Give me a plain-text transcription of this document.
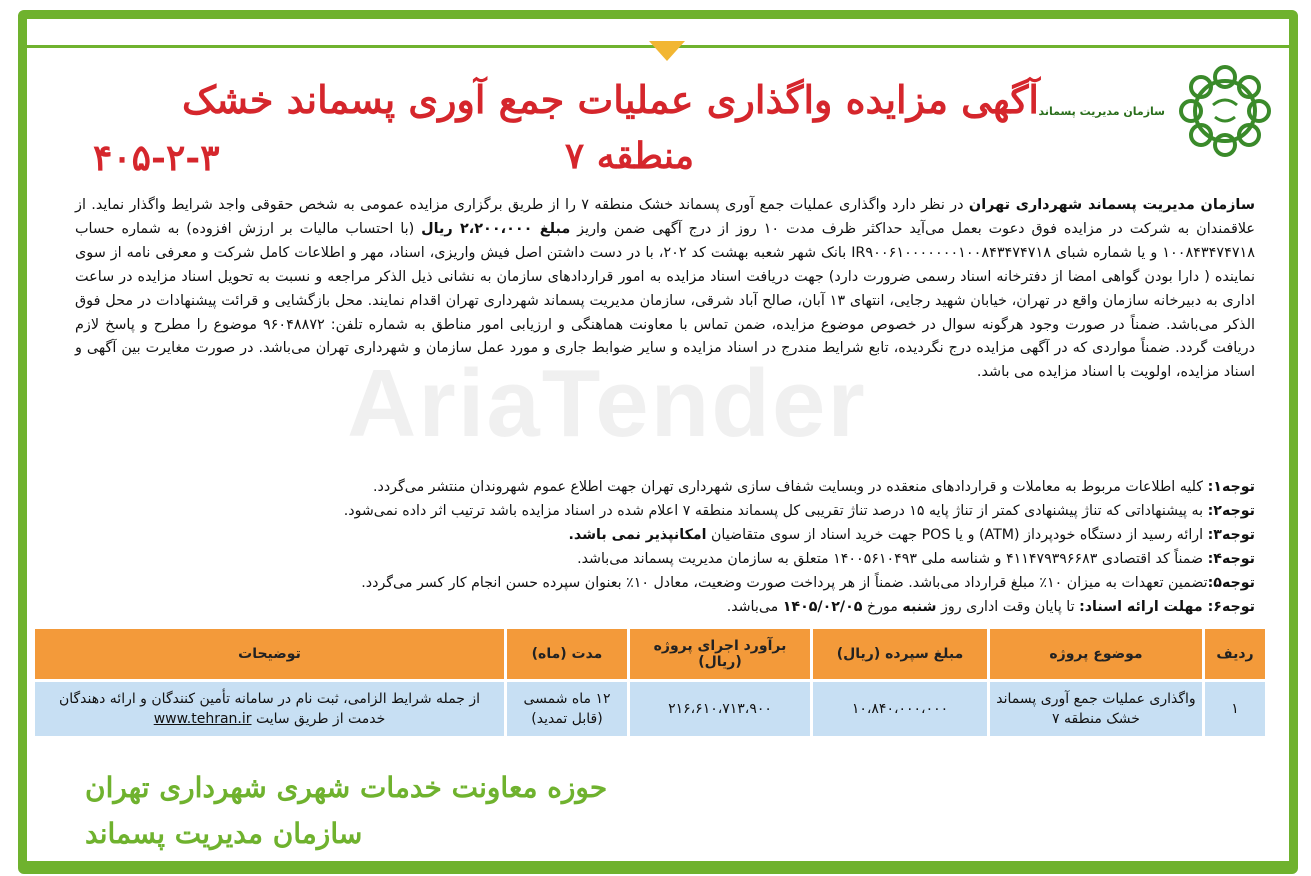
سازمان مدیریت پسماند
آگهی مزایده واگذاری عملیات جمع آوری پسماند خشک
منطقه ۷
۴۰۵-۲-۳
AriaTender

سازمان مدیریت پسماند شهرداری تهران در نظر دارد واگذاری عملیات جمع آوری پسماند خشک منطقه ۷ را از طریق برگزاری مزایده عمومی به شخص حقوقی واجد شرایط واگذار نماید. از علاقمندان به شرکت در مزایده فوق دعوت بعمل می‌آید حداکثر ظرف مدت ۱۰ روز از درج آگهی ضمن واریز مبلغ ۲،۲۰۰،۰۰۰ ریال (با احتساب مالیات بر ارزش افزوده) به شماره حساب ۱۰۰۸۴۳۴۷۴۷۱۸ و یا شماره شبای IR۹۰۰۶۱۰۰۰۰۰۰۰۱۰۰۸۴۳۴۷۴۷۱۸ بانک شهر شعبه بهشت کد ۲۰۲، با در دست داشتن اصل فیش واریزی، اسناد، مهر و اطلاعات کامل شرکت و معرفی نامه از سوی نماینده ( دارا بودن گواهی امضا از دفترخانه اسناد رسمی ضرورت دارد) جهت دریافت اسناد مزایده به امور قراردادهای سازمان به نشانی ذیل الذکر مراجعه و نسبت به تحویل اسناد مزایده در ساعت اداری به دبیرخانه سازمان واقع در تهران، خیابان شهید رجایی، انتهای ۱۳ آبان، صالح آباد شرقی، سازمان مدیریت پسماند شهرداری تهران اقدام نمایند. محل بازگشایی و قرائت پیشنهادات در محل فوق الذکر می‌باشد. ضمناً در صورت وجود هرگونه سوال در خصوص موضوع مزایده، ضمن تماس با معاونت هماهنگی و ارزیابی امور مناطق به شماره تلفن: ۹۶۰۴۸۸۷۲ موضوع را مطرح و پاسخ لازم دریافت گردد. ضمناً مواردی که در آگهی مزایده درج نگردیده، تابع شرایط مندرج در اسناد مزایده و سایر ضوابط جاری و مورد عمل سازمان و شهرداری تهران می‌باشد. در صورت مغایرت بین آگهی و اسناد مزایده، اولویت با اسناد مزایده می باشد.

توجه۱: کلیه اطلاعات مربوط به معاملات و قراردادهای منعقده در وبسایت شفاف سازی شهرداری تهران جهت اطلاع عموم شهروندان منتشر می‌گردد.
توجه۲: به پیشنهاداتی که تناژ پیشنهادی کمتر از تناژ پایه ۱۵ درصد تناژ تقریبی کل پسماند منطقه ۷ اعلام شده در اسناد مزایده باشد ترتیب اثر داده نمی‌شود.
توجه۳: ارائه رسید از دستگاه خودپرداز (ATM) و یا POS جهت خرید اسناد از سوی متقاضیان امکانپذیر نمی باشد.
توجه۴: ضمناً کد اقتصادی ۴۱۱۴۷۹۳۹۶۶۸۳ و شناسه ملی ۱۴۰۰۵۶۱۰۴۹۳ متعلق به سازمان مدیریت پسماند می‌باشد.
توجه۵:تضمین تعهدات به میزان ۱۰٪ مبلغ قرارداد می‌باشد. ضمناً از هر پرداخت صورت وضعیت، معادل ۱۰٪ بعنوان سپرده حسن انجام کار کسر می‌گردد.
توجه۶: مهلت ارائه اسناد: تا پایان وقت اداری روز شنبه مورخ ۱۴۰۵/۰۲/۰۵ می‌باشد.
حوزه معاونت خدمات شهری شهرداری تهران
سازمان مدیریت پسماند
ردیف	موضوع پروژه	مبلغ سپرده (ریال)	برآورد اجرای پروژه (ریال)	مدت (ماه)	توضیحات
۱	واگذاری عملیات جمع آوری پسماند خشک منطقه ۷	۱۰،۸۴۰،۰۰۰،۰۰۰	۲۱۶،۶۱۰،۷۱۳،۹۰۰	۱۲ ماه شمسی (قابل تمدید)	از جمله شرایط الزامی، ثبت نام در سامانه تأمین کنندگان و ارائه دهندگان خدمت از طریق سایت www.tehran.ir
